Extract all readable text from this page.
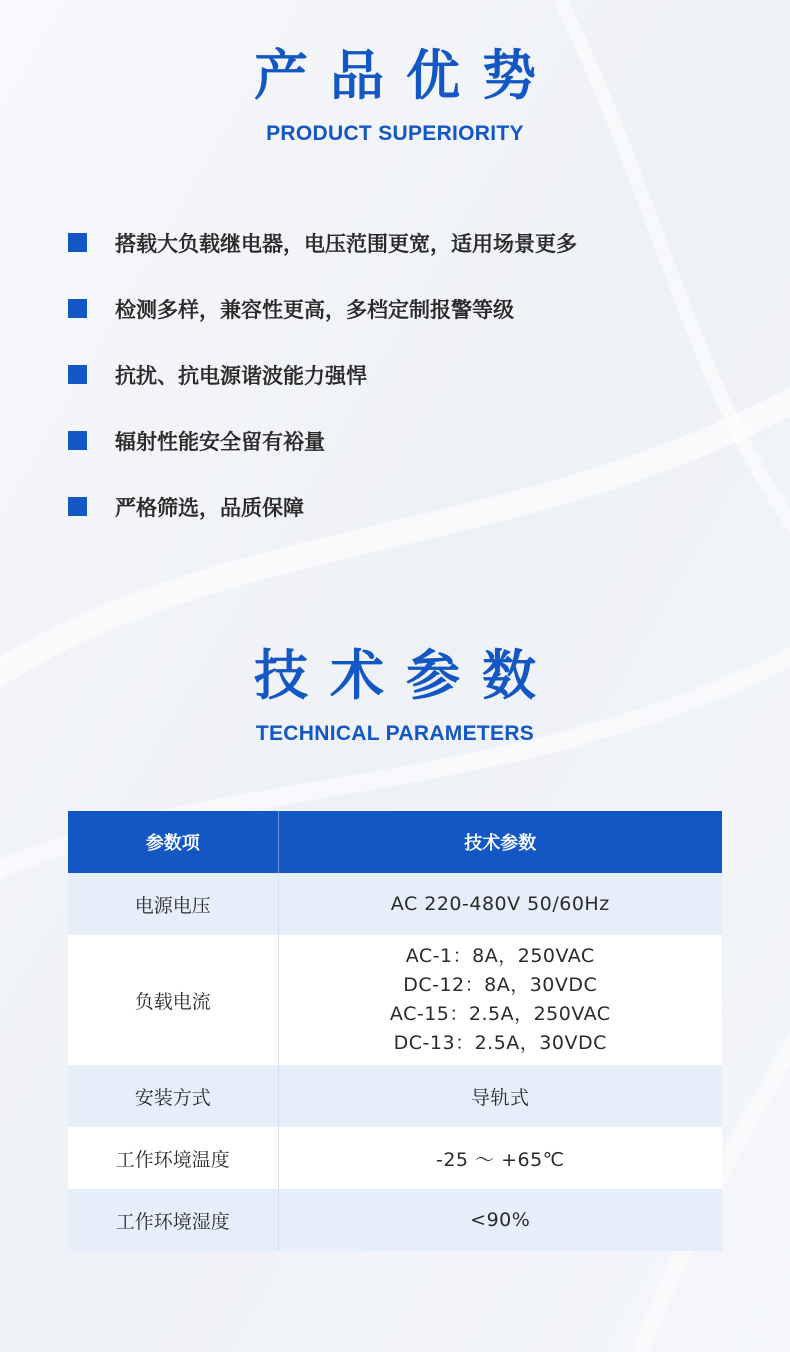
产品优势
PRODUCT SUPERIORITY
搭载大负载继电器，电压范围更宽，适用场景更多
检测多样，兼容性更高，多档定制报警等级
抗扰、抗电源谐波能力强悍
辐射性能安全留有裕量
严格筛选，品质保障
技术参数
TECHNICAL PARAMETERS
参数项	技术参数
电源电压	AC 220-480V 50/60Hz
负载电流	AC-1：8A，250VAC
DC-12：8A，30VDC
AC-15：2.5A，250VAC
DC-13：2.5A，30VDC

安装方式	导轨式
工作环境温度	-25 ～ +65℃
工作环境湿度	<90%
